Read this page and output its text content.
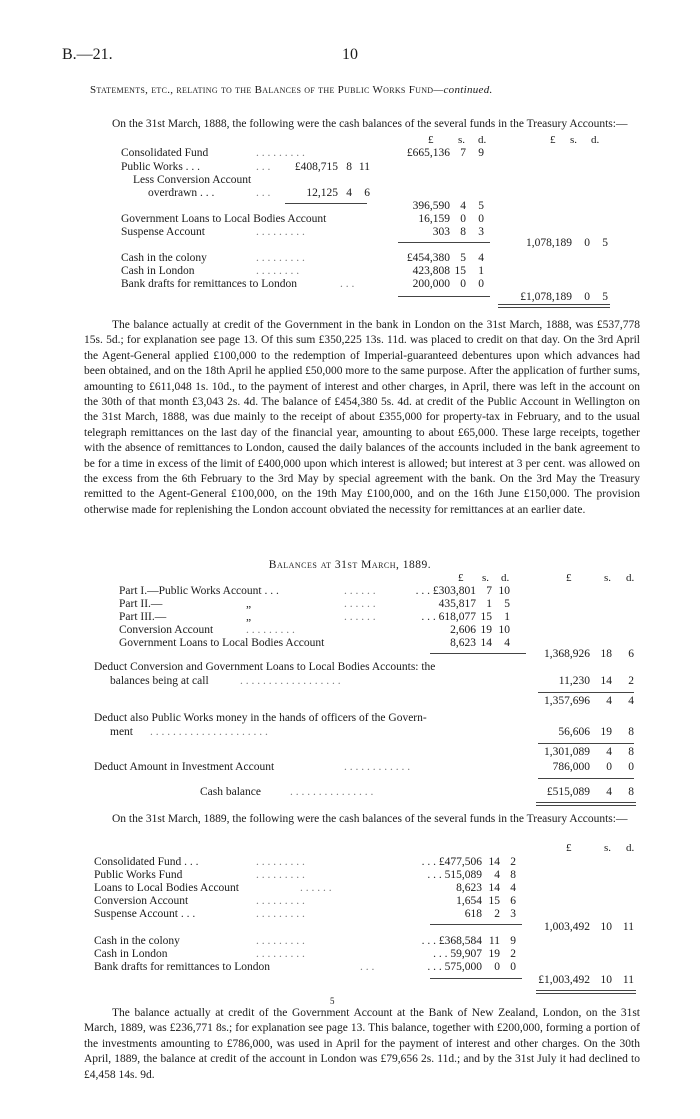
B.—21.	10
Statements, etc., relating to the Balances of the Public Works Fund—continued.
On the 31st March, 1888, the following were the cash balances of the several funds in the Treasury Accounts:—
£ s. d.	£ s. d.
Consolidated Fund	. . . . . . . . .	£665,136 7	9
Public Works . . .	. . .	£408,715 8 11
Less Conversion Account
overdrawn . . .	. . .	12,125 4	6
396,590 4	5
Government Loans to Local Bodies Account	16,159 0	0
Suspense Account	. . . . . . . . .	303 8	3
1,078,189	0	5
Cash in the colony	. . . . . . . . .	£454,380 5	4
Cash in London	. . . . . . . .	423,808 15	1
Bank drafts for remittances to London	. . .	200,000 0	0
£1,078,189	0	5
The balance actually at credit of the Government in the bank in London on the 31st March, 1888, was £537,778 15s. 5d.; for explanation see page 13. Of this sum £350,225 13s. 11d. was placed to credit on that day. On the 3rd April the Agent-General applied £100,000 to the redemption of Imperial-guaranteed debentures upon which advances had been obtained, and on the 18th April he applied £50,000 more to the same purpose. After the application of further sums, amounting to £611,048 1s. 10d., to the payment of interest and other charges, in April, there was left in the account on the 30th of that month £3,043 2s. 4d. The balance of £454,380 5s. 4d. at credit of the Public Account in Wellington on the 31st March, 1888, was due mainly to the receipt of about £355,000 for property-tax in February, and to the usual telegraph remittances on the last day of the financial year, amounting to about £65,000. These large receipts, together with the absence of remittances to London, caused the daily balances of the accounts included in the bank agreement to be for a time in excess of the limit of £400,000 upon which interest is allowed; but interest at 3 per cent. was allowed on the excess from the 6th February to the 3rd May by special agreement with the bank. On the 3rd May the Treasury remitted to the Agent-General £100,000, on the 19th May £100,000, and on the 16th June £150,000. The provision otherwise made for replenishing the London account obviated the necessity for remittances at an earlier date.
Balances at 31st March, 1889.
£ s. d.	£	s. d.
Part I.—Public Works Account . . .	. . . . . .	. . . £303,801 7 10
Part II.—	„	. . . . . .	435,817 1	5
Part III.—	„	. . . . . .	. . . 618,077 15	1
Conversion Account	. . . . . . . . .	2,606 19 10
Government Loans to Local Bodies Account	8,623 14	4
1,368,926 18	6
Deduct Conversion and Government Loans to Local Bodies Accounts: the
balances being at call	. . . . . . . . . . . . . . . . . .	11,230 14	2
1,357,696	4	4
Deduct also Public Works money in the hands of officers of the Govern-
ment . . . . . . . . . . . . . . . . . . . . .	56,606 19	8
1,301,089	4	8
Deduct Amount in Investment Account	. . . . . . . . . . . .	786,000	0	0
Cash balance	. . . . . . . . . . . . . . .	£515,089	4	8
On the 31st March, 1889, the following were the cash balances of the several funds in the Treasury Accounts:—
£	s. d.
Consolidated Fund . . .	. . . . . . . . .	. . . £477,506 14 2
Public Works Fund	. . . . . . . . .	. . . 515,089	4 8
Loans to Local Bodies Account	. . . . . .	8,623 14 4
Conversion Account	. . . . . . . . .	1,654 15 6
Suspense Account . . .	. . . . . . . . .	618	2 3
1,003,492 10 11
Cash in the colony	. . . . . . . . .	. . . £368,584 11 9
Cash in London	. . . . . . . . .	. . . 59,907 19 2
Bank drafts for remittances to London	. . .	. . . 575,000	0 0
£1,003,492 10 11
5
The balance actually at credit of the Government Account at the Bank of New Zealand, London, on the 31st March, 1889, was £236,771 8s.; for explanation see page 13. This balance, together with £200,000, forming a portion of the investments amounting to £786,000, was used in April for the payment of interest and other charges. On the 30th April, 1889, the balance at credit of the account in London was £79,656 2s. 11d.; and by the 31st July it had declined to £4,458 14s. 9d.
